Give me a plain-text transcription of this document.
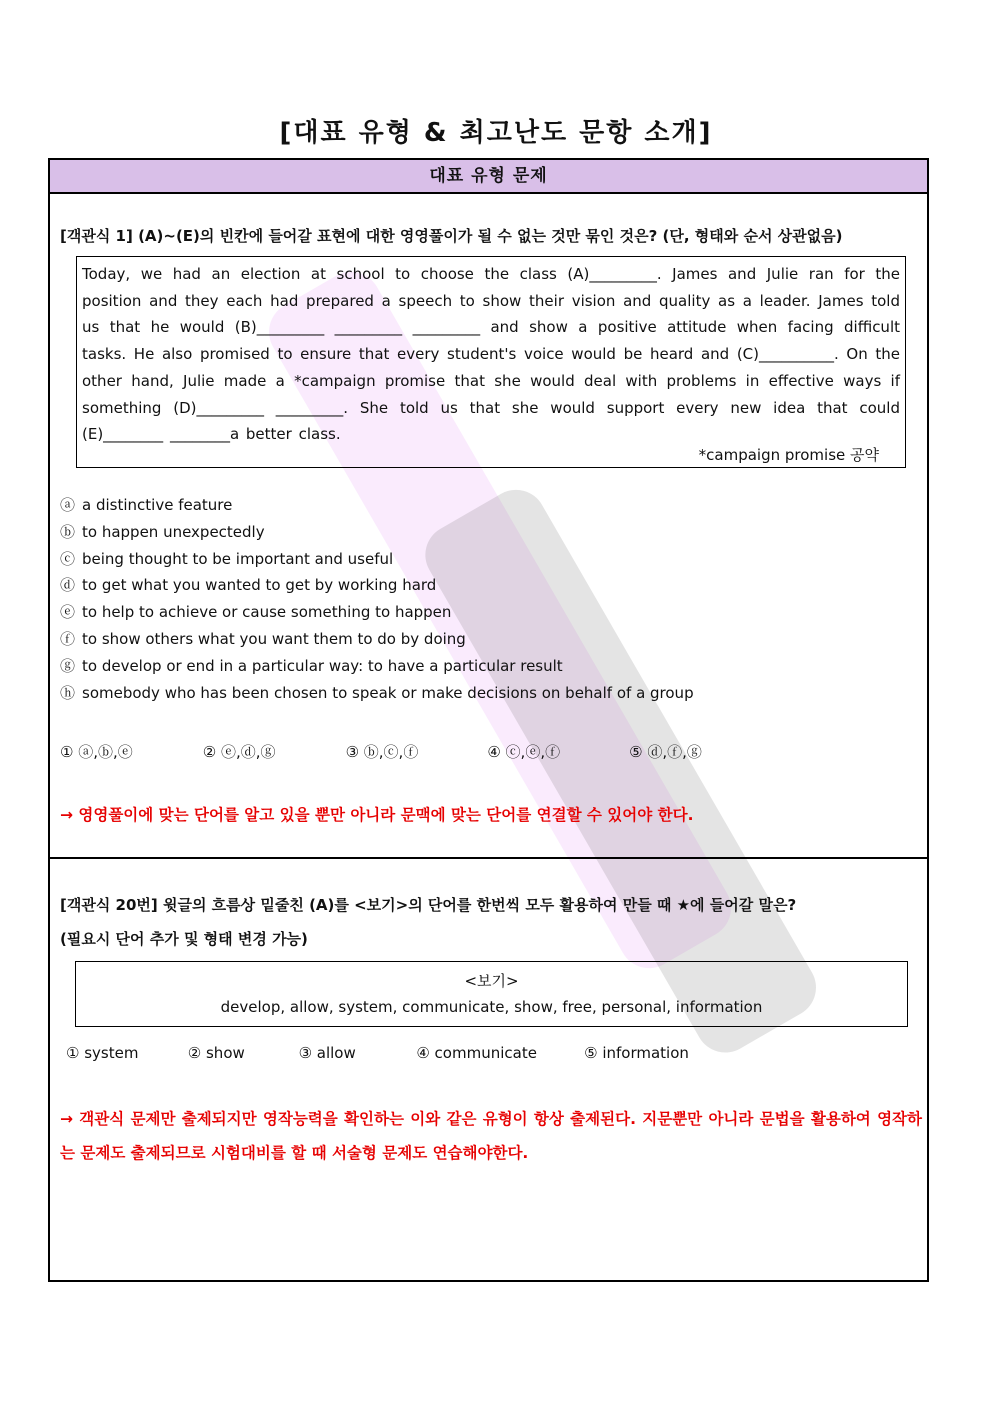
[대표 유형 & 최고난도 문항 소개]
대표 유형 문제
[객관식 1] (A)~(E)의 빈칸에 들어갈 표현에 대한 영영풀이가 될 수 없는 것만 묶인 것은? (단, 형태와 순서 상관없음)

Today, we had an election at school to choose the class (A)_________. James and Julie ran for the position and they each had prepared a speech to show their vision and quality as a leader. James told us that he would (B)_________ _________ _________ and show a positive attitude when facing difficult tasks. He also promised to ensure that every student's voice would be heard and (C)__________. On the other hand, Julie made a *campaign promise that she would deal with problems in effective ways if something (D)_________ _________. She told us that she would support every new idea that could (E)________ ________a better class.

*campaign promise 공약
ⓐ a distinctive feature
ⓑ to happen unexpectedly
ⓒ being thought to be important and useful
ⓓ to get what you wanted to get by working hard
ⓔ to help to achieve or cause something to happen
ⓕ to show others what you want them to do by doing
ⓖ to develop or end in a particular way: to have a particular result
ⓗ somebody who has been chosen to speak or make decisions on behalf of a group
① ⓐ,ⓑ,ⓔ	② ⓔ,ⓓ,ⓖ	③ ⓑ,ⓒ,ⓕ	④ ⓒ,ⓔ,ⓕ	⑤ ⓓ,ⓕ,ⓖ
→ 영영풀이에 맞는 단어를 알고 있을 뿐만 아니라 문맥에 맞는 단어를 연결할 수 있어야 한다.
[객관식 20번] 윗글의 흐름상 밑줄친 (A)를 <보기>의 단어를 한번씩 모두 활용하여 만들 때 ★에 들어갈 말은?
(필요시 단어 추가 및 형태 변경 가능)
<보기>
develop, allow, system, communicate, show, free, personal, information
① system	② show	③ allow	④ communicate	⑤ information
→ 객관식 문제만 출제되지만 영작능력을 확인하는 이와 같은 유형이 항상 출제된다. 지문뿐만 아니라 문법을 활용하여 영작하는 문제도 출제되므로 시험대비를 할 때 서술형 문제도 연습해야한다.
